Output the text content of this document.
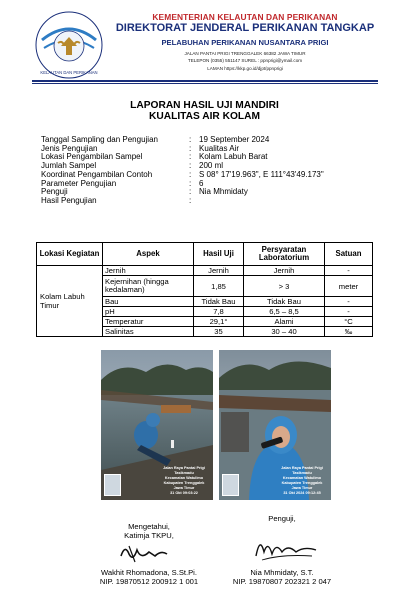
KELAUTAN DAN PERIKANAN
KEMENTERIAN KELAUTAN DAN PERIKANAN
DIREKTORAT JENDERAL PERIKANAN TANGKAP
PELABUHAN PERIKANAN NUSANTARA PRIGI
JALAN PANTAI PRIGI TRENGGALEK 66382 JAWA TIMUR
TELEPON (0355) 551147 SUREL : ppnprigi@ymail.com
LAMAN https://kkp.go.id/djpt/ppnprigi
LAPORAN HASIL UJI MANDIRI
KUALITAS AIR KOLAM
Tanggal Sampling dan Pengujian	: 19 September 2024
Jenis Pengujian	: Kualitas Air
Lokasi Pengambilan Sampel	: Kolam Labuh Barat
Jumlah Sampel	: 200 ml
Koordinat Pengambilan Contoh	: S 08° 17'19.963", E 111°43'49.173"
Parameter Pengujian	: 6
Penguji	: Nia Mhmidaty
Hasil Pengujian	:
Lokasi Kegiatan	Aspek	Hasil Uji	Persyaratan Laboratorium	Satuan
Kolam Labuh Timur	Jernih	Jernih	Jernih	-
	Kejernihan (hingga kedalaman)	1,85	> 3	meter
	Bau	Tidak Bau	Tidak Bau	-
	pH	7,8	6,5 – 8,5	-
	Temperatur	29,1°	Alami	°C
	Salinitas	35	30 – 40	‰
Jalan Raya Pantai Prigi
Tasikmadu
Kecamatan Watulimo
Kabupaten Trenggalek
Jawa Timur
31 Okt 09:03:22
Jalan Raya Pantai Prigi
Tasikmadu
Kecamatan Watulimo
Kabupaten Trenggalek
Jawa Timur
31 Okt 2024 09:12:45
Mengetahui,
Katimja TKPU,
Wakhit Rhomadona, S.St.Pi.
NIP. 19870512 200912 1 001
Penguji,
Nia Mhmidaty, S.T.
NIP. 19870807 202321 2 047
